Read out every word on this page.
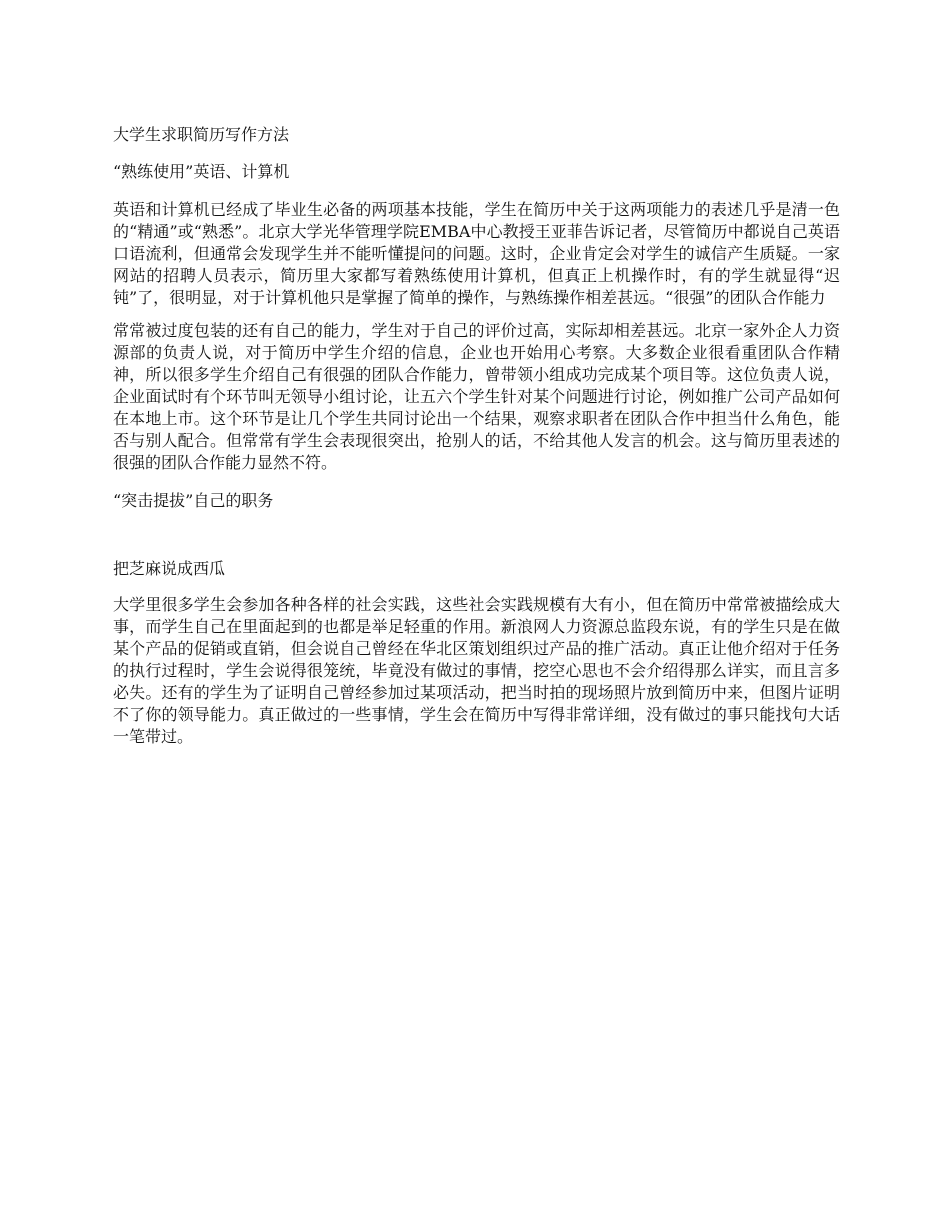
大学生求职简历写作方法

“熟练使用”英语、计算机

英语和计算机已经成了毕业生必备的两项基本技能，学生在简历中关于这两项能力的表述几乎是清一色的“精通”或“熟悉”。北京大学光华管理学院EMBA中心教授王亚菲告诉记者，尽管简历中都说自己英语口语流利，但通常会发现学生并不能听懂提问的问题。这时，企业肯定会对学生的诚信产生质疑。一家网站的招聘人员表示，简历里大家都写着熟练使用计算机，但真正上机操作时，有的学生就显得“迟钝”了，很明显，对于计算机他只是掌握了简单的操作，与熟练操作相差甚远。“很强”的团队合作能力

常常被过度包装的还有自己的能力，学生对于自己的评价过高，实际却相差甚远。北京一家外企人力资源部的负责人说，对于简历中学生介绍的信息，企业也开始用心考察。大多数企业很看重团队合作精神，所以很多学生介绍自己有很强的团队合作能力，曾带领小组成功完成某个项目等。这位负责人说，企业面试时有个环节叫无领导小组讨论，让五六个学生针对某个问题进行讨论，例如推广公司产品如何在本地上市。这个环节是让几个学生共同讨论出一个结果，观察求职者在团队合作中担当什么角色，能否与别人配合。但常常有学生会表现很突出，抢别人的话，不给其他人发言的机会。这与简历里表述的很强的团队合作能力显然不符。

“突击提拔”自己的职务

把芝麻说成西瓜

大学里很多学生会参加各种各样的社会实践，这些社会实践规模有大有小，但在简历中常常被描绘成大事，而学生自己在里面起到的也都是举足轻重的作用。新浪网人力资源总监段东说，有的学生只是在做某个产品的促销或直销，但会说自己曾经在华北区策划组织过产品的推广活动。真正让他介绍对于任务的执行过程时，学生会说得很笼统，毕竟没有做过的事情，挖空心思也不会介绍得那么详实，而且言多必失。还有的学生为了证明自己曾经参加过某项活动，把当时拍的现场照片放到简历中来，但图片证明不了你的领导能力。真正做过的一些事情，学生会在简历中写得非常详细，没有做过的事只能找句大话一笔带过。
